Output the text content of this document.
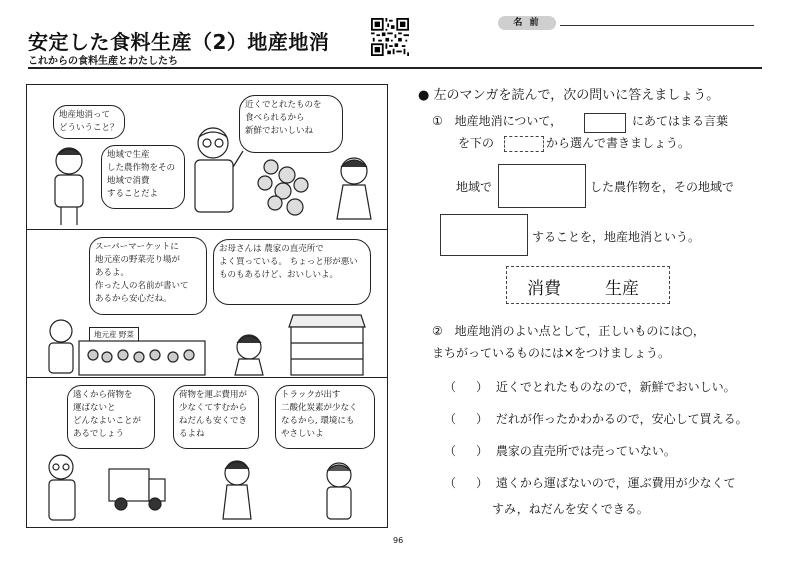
安定した食料生産（2）地産地消
これからの食料生産とわたしたち
名 前
地産地消って
どういうこと？
近くでとれたものを
食べられるから
新鮮でおいしいね
地域で生産
した農作物をその
地域で消費
することだよ
スーパーマーケットに
地元産の野菜売り場が
あるよ。
作った人の名前が書いて
あるから安心だね。
お母さんは 農家の直売所で
よく買っている。 ちょっと形が悪い
ものもあるけど、おいしいよ。
地元産 野菜
遠くから荷物を
運ばないと
どんなよいことが
あるでしょう
荷物を運ぶ費用が
少なくてすむから
ねだんも安くでき
るよね
トラックが出す
二酸化炭素が少なく
なるから, 環境にも
やさしいよ
● 左のマンガを読んで，次の問いに答えましょう。
① 地産地消について，	にあてはまる言葉
を下の	から選んで書きましょう。
地域で	した農作物を，その地域で
することを，地産地消という。
消費	生産
② 地産地消のよい点として，正しいものには○，
まちがっているものには×をつけましょう。
（ ） 近くでとれたものなので，新鮮でおいしい。
（ ） だれが作ったかわかるので，安心して買える。
（ ） 農家の直売所では売っていない。
（ ） 遠くから運ばないので，運ぶ費用が少なくて
すみ，ねだんを安くできる。
96
